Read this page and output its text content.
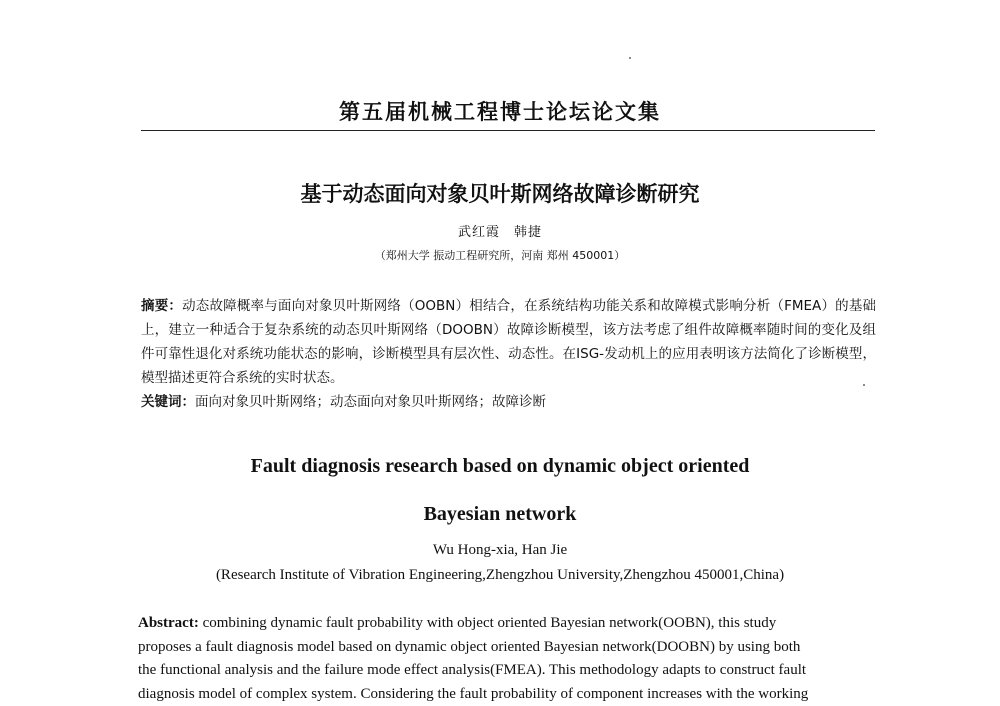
第五届机械工程博士论坛论文集
基于动态面向对象贝叶斯网络故障诊断研究
武红霞　韩捷
（郑州大学 振动工程研究所，河南 郑州 450001）

摘要：动态故障概率与面向对象贝叶斯网络（OOBN）相结合，在系统结构功能关系和故障模式影响分析（FMEA）的基础上，建立一种适合于复杂系统的动态贝叶斯网络（DOOBN）故障诊断模型，该方法考虑了组件故障概率随时间的变化及组件可靠性退化对系统功能状态的影响，诊断模型具有层次性、动态性。在ISG-发动机上的应用表明该方法简化了诊断模型，模型描述更符合系统的实时状态。

关键词：面向对象贝叶斯网络；动态面向对象贝叶斯网络；故障诊断

Fault diagnosis research based on dynamic object oriented
Bayesian network
Wu Hong-xia, Han Jie
(Research Institute of Vibration Engineering,Zhengzhou University,Zhengzhou 450001,China)
Abstract: combining dynamic fault probability with object oriented Bayesian network(OOBN), this study
proposes a fault diagnosis model based on dynamic object oriented Bayesian network(DOOBN) by using both
the functional analysis and the failure mode effect analysis(FMEA). This methodology adapts to construct fault
diagnosis model of complex system. Considering the fault probability of component increases with the working
